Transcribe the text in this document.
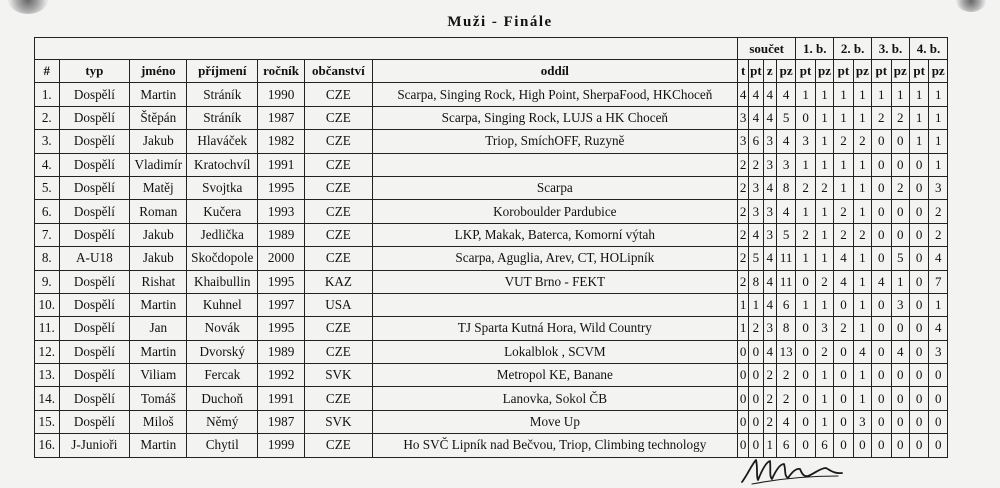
Muži - Finále
							součet				1. b.		2. b.		3. b.		4. b.	
#	typ	jméno	příjmení	ročník	občanství	oddíl	t	pt	z	pz	pt	pz	pt	pz	pt	pz	pt	pz
1.	Dospělí	Martin	Stráník	1990	CZE	Scarpa, Singing Rock, High Point, SherpaFood, HKChoceň	4	4	4	4	1	1	1	1	1	1	1	1
2.	Dospělí	Štěpán	Stráník	1987	CZE	Scarpa, Singing Rock, LUJS a HK Choceň	3	4	4	5	0	1	1	1	2	2	1	1
3.	Dospělí	Jakub	Hlaváček	1982	CZE	Triop, SmíchOFF, Ruzyně	3	6	3	4	3	1	2	2	0	0	1	1
4.	Dospělí	Vladimír	Kratochvíl	1991	CZE		2	2	3	3	1	1	1	1	0	0	0	1
5.	Dospělí	Matěj	Svojtka	1995	CZE	Scarpa	2	3	4	8	2	2	1	1	0	2	0	3
6.	Dospělí	Roman	Kučera	1993	CZE	Koroboulder Pardubice	2	3	3	4	1	1	2	1	0	0	0	2
7.	Dospělí	Jakub	Jedlička	1989	CZE	LKP, Makak, Baterca, Komorní výtah	2	4	3	5	2	1	2	2	0	0	0	2
8.	A-U18	Jakub	Skočdopole	2000	CZE	Scarpa, Aguglia, Arev, CT, HOLipník	2	5	4	11	1	1	4	1	0	5	0	4
9.	Dospělí	Rishat	Khaibullin	1995	KAZ	VUT Brno - FEKT	2	8	4	11	0	2	4	1	4	1	0	7
10.	Dospělí	Martin	Kuhnel	1997	USA		1	1	4	6	1	1	0	1	0	3	0	1
11.	Dospělí	Jan	Novák	1995	CZE	TJ Sparta Kutná Hora, Wild Country	1	2	3	8	0	3	2	1	0	0	0	4
12.	Dospělí	Martin	Dvorský	1989	CZE	Lokalblok , SCVM	0	0	4	13	0	2	0	4	0	4	0	3
13.	Dospělí	Viliam	Fercak	1992	SVK	Metropol KE, Banane	0	0	2	2	0	1	0	1	0	0	0	0
14.	Dospělí	Tomáš	Duchoň	1991	CZE	Lanovka, Sokol ČB	0	0	2	2	0	1	0	1	0	0	0	0
15.	Dospělí	Miloš	Němý	1987	SVK	Move Up	0	0	2	4	0	1	0	3	0	0	0	0
16.	J-Junioři	Martin	Chytil	1999	CZE	Ho SVČ Lipník nad Bečvou, Triop, Climbing technology	0	0	1	6	0	6	0	0	0	0	0	0
